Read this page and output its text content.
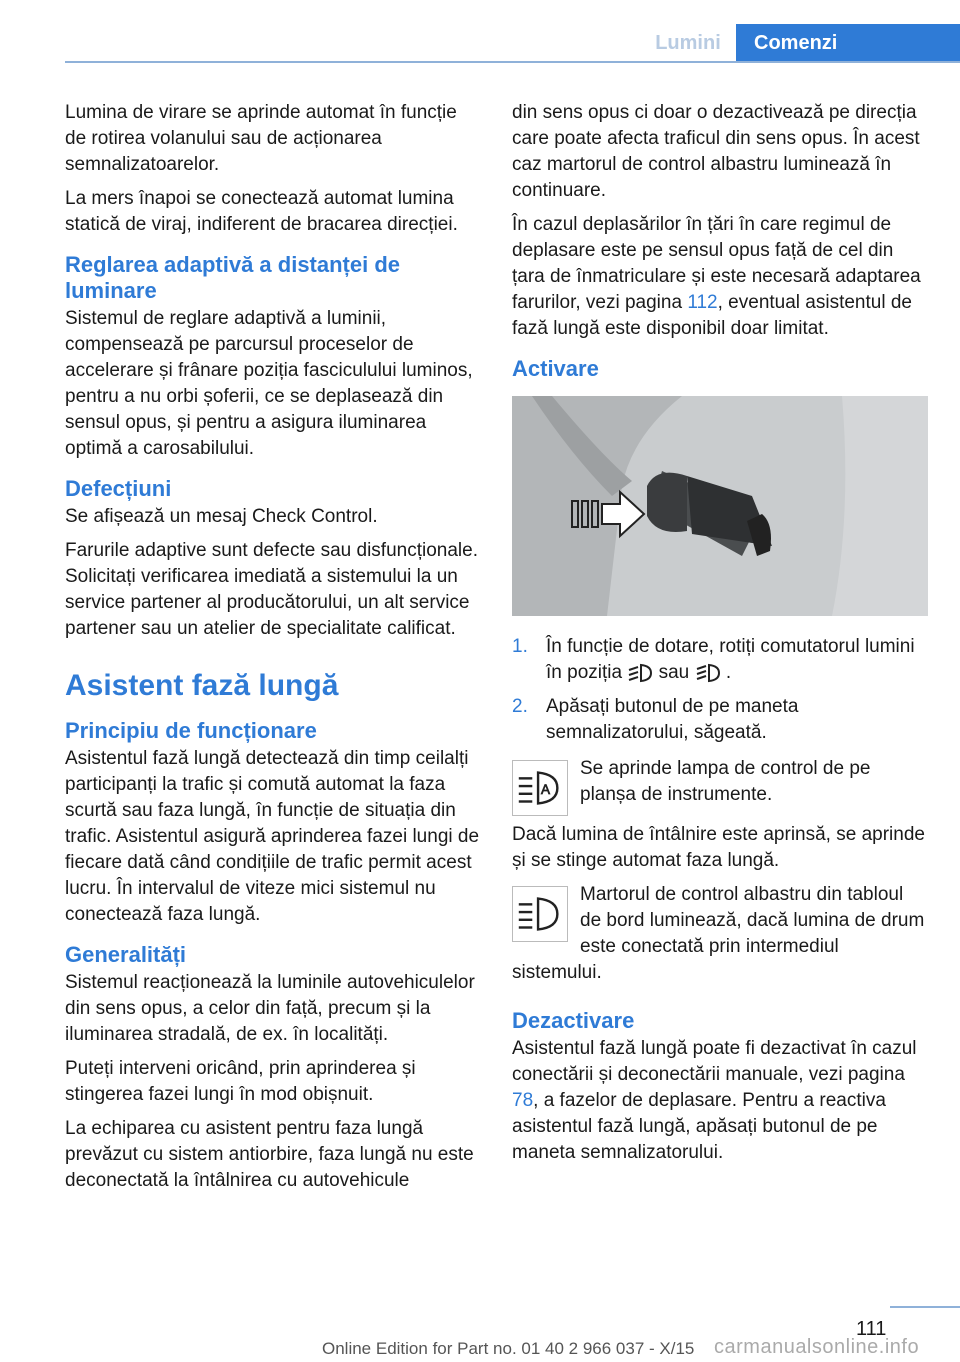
Lumini	Comenzi

Lumina de virare se aprinde automat în funcție de rotirea volanului sau de acționarea semnalizatoarelor.

La mers înapoi se conectează automat lumina statică de viraj, indiferent de bracarea direcției.

Reglarea adaptivă a distanței de luminare

Sistemul de reglare adaptivă a luminii, compensează pe parcursul proceselor de accelerare și frânare poziția fasciculului luminos, pentru a nu orbi șoferii, ce se deplasează din sensul opus, și pentru a asigura iluminarea optimă a carosabilului.

Defecțiuni

Se afișează un mesaj Check Control.

Farurile adaptive sunt defecte sau disfuncționale. Solicitați verificarea imediată a sistemului la un service partener al producătorului, un alt service partener sau un atelier de specialitate calificat.

Asistent fază lungă
Principiu de funcționare

Asistentul fază lungă detectează din timp ceilalți participanți la trafic și comută automat la faza scurtă sau faza lungă, în funcție de situația din trafic. Asistentul asigură aprinderea fazei lungi de fiecare dată când condițiile de trafic permit acest lucru. În intervalul de viteze mici sistemul nu conectează faza lungă.

Generalități

Sistemul reacționează la luminile autovehiculelor din sens opus, a celor din față, precum și la iluminarea stradală, de ex. în localități.

Puteți interveni oricând, prin aprinderea și stingerea fazei lungi în mod obișnuit.

La echiparea cu asistent pentru faza lungă prevăzut cu sistem antiorbire, faza lungă nu este deconectată la întâlnirea cu autovehicule

din sens opus ci doar o dezactivează pe direcția care poate afecta traficul din sens opus. În acest caz martorul de control albastru luminează în continuare.

În cazul deplasărilor în țări în care regimul de deplasare este pe sensul opus față de cel din țara de înmatriculare și este necesară adaptarea farurilor, vezi pagina 112, eventual asistentul de fază lungă este disponibil doar limitat.

Activare
1. În funcție de dotare, rotiți comutatorul lumini în poziția sau .
2. Apăsați butonul de pe maneta semnalizatorului, săgeată.
A

Se aprinde lampa de control de pe planșa de instrumente.

Dacă lumina de întâlnire este aprinsă, se aprinde și se stinge automat faza lungă.

Martorul de control albastru din tabloul de bord luminează, dacă lumina de drum este conectată prin intermediul sistemului.

Dezactivare

Asistentul fază lungă poate fi dezactivat în cazul conectării și deconectării manuale, vezi pagina 78, a fazelor de deplasare. Pentru a reactiva asistentul fază lungă, apăsați butonul de pe maneta semnalizatorului.

111
Online Edition for Part no. 01 40 2 966 037 - X/15 carmanualsonline.info
